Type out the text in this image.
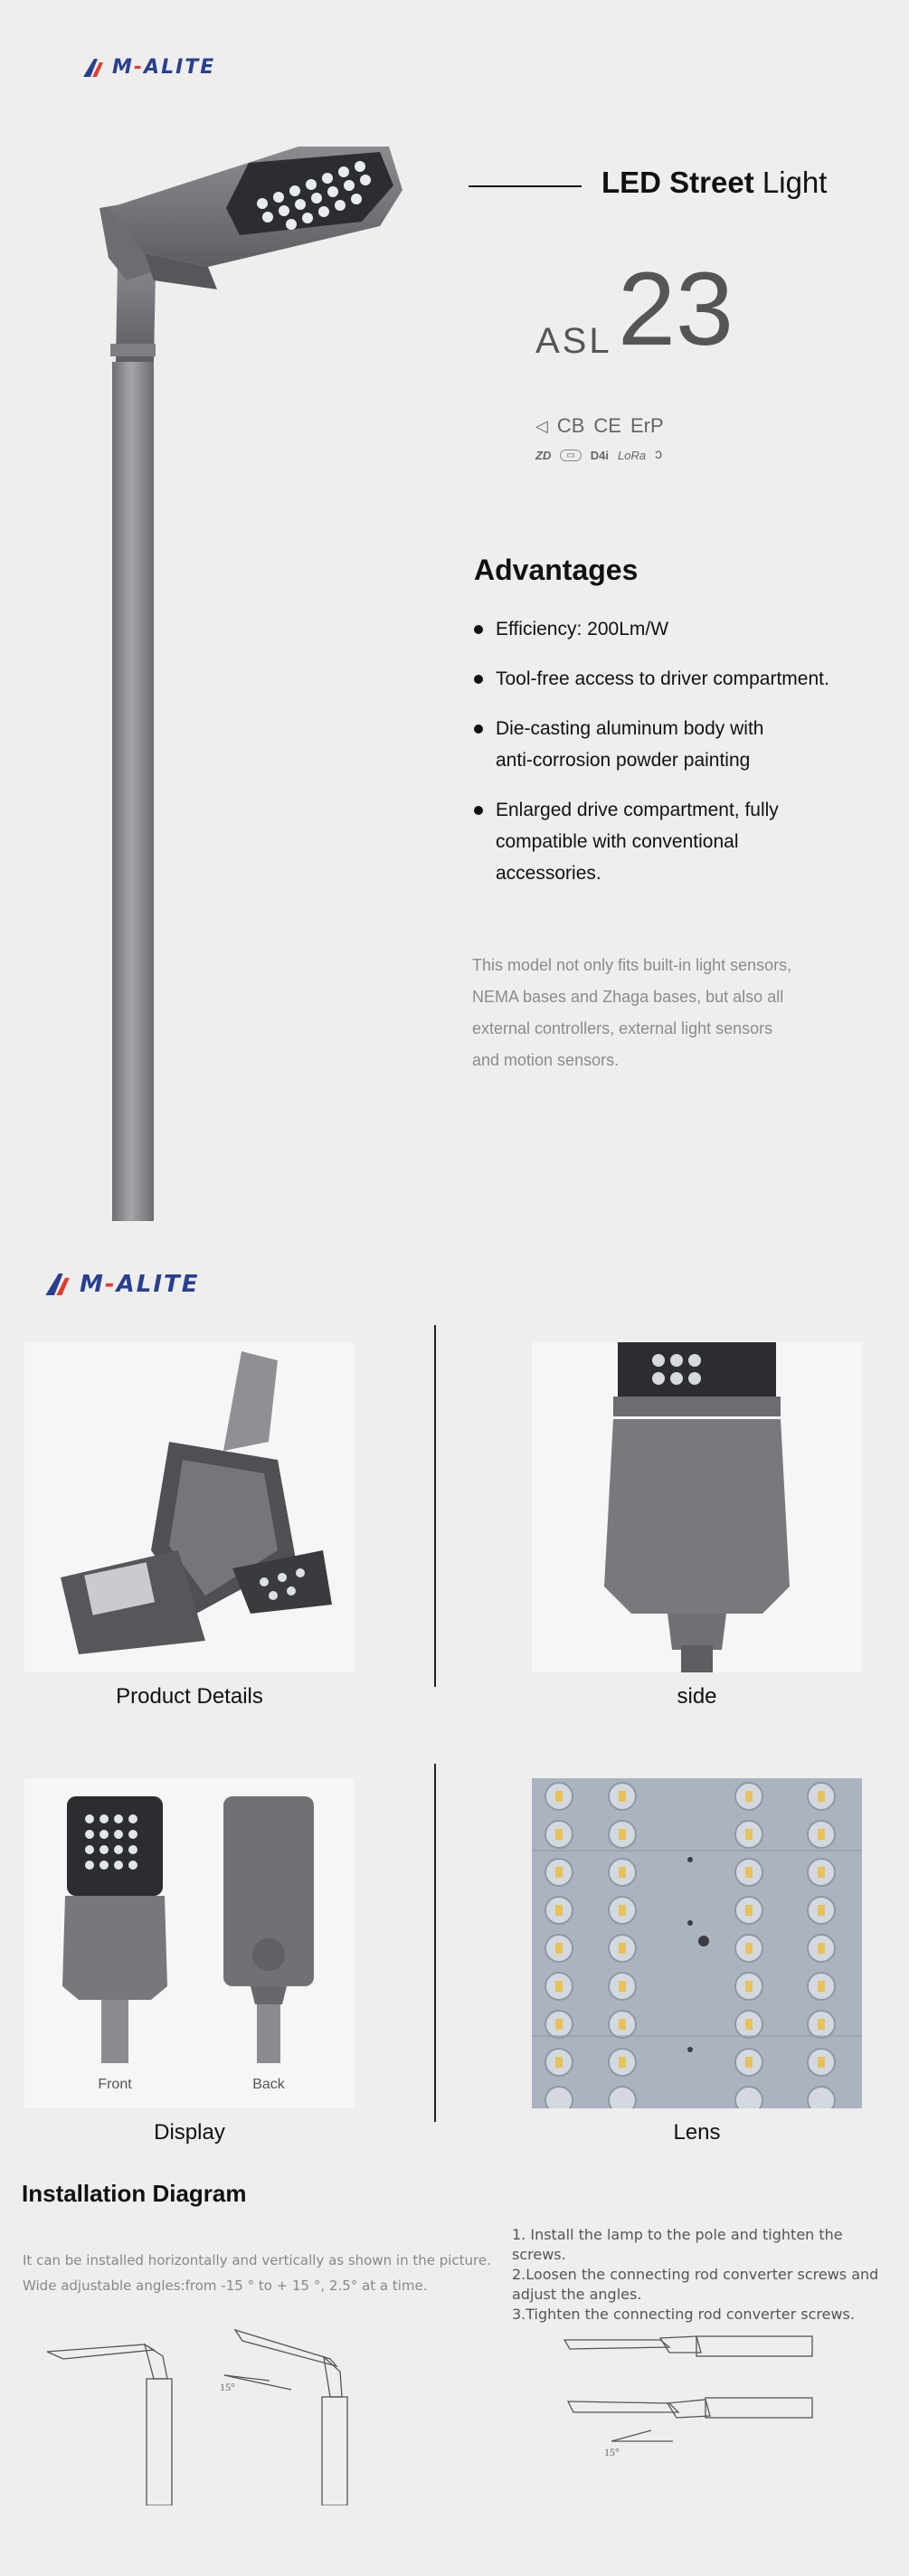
M-ALITE
LED Street Light
ASL 23
◁ CB CE ErP
ZD	▭	D4i LoRa ↄ
Advantages
Efficiency: 200Lm/W
Tool-free access to driver compartment.
Die-casting aluminum body with
anti-corrosion powder painting
Enlarged drive compartment, fully
compatible with conventional
accessories.
This model not only fits built-in light sensors,
NEMA bases and Zhaga bases, but also all
external controllers, external light sensors
and motion sensors.
M-ALITE
Product Details	side
Front	Back
Display	Lens
Installation Diagram
It can be installed horizontally and vertically as shown in the picture.
Wide adjustable angles:from -15 ° to + 15 °, 2.5° at a time.
1. Install the lamp to the pole and tighten the screws.
2.Loosen the connecting rod converter screws and
adjust the angles.
3.Tighten the connecting rod converter screws.
15°
15°
